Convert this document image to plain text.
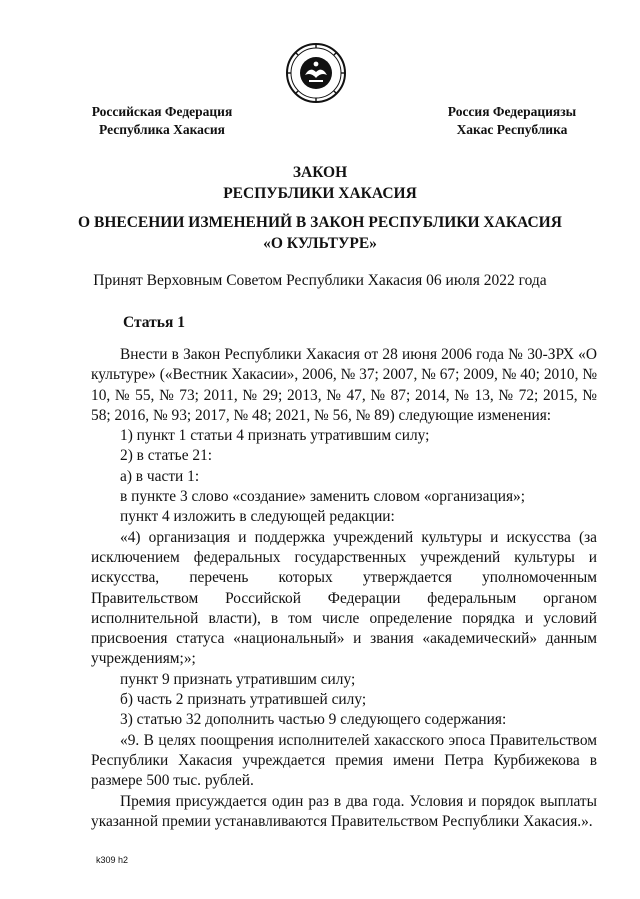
Российская Федерация
Республика Хакасия
Россия Федерациязы
Хакас Республика
ЗАКОН
РЕСПУБЛИКИ ХАКАСИЯ
О ВНЕСЕНИИ ИЗМЕНЕНИЙ В ЗАКОН РЕСПУБЛИКИ ХАКАСИЯ
«О КУЛЬТУРЕ»
Принят Верховным Советом Республики Хакасия 06 июля 2022 года
Статья 1

Внести в Закон Республики Хакасия от 28 июня 2006 года № 30-ЗРХ «О культуре» («Вестник Хакасии», 2006, № 37; 2007, № 67; 2009, № 40; 2010, № 10, № 55, № 73; 2011, № 29; 2013, № 47, № 87; 2014, № 13, № 72; 2015, № 58; 2016, № 93; 2017, № 48; 2021, № 56, № 89) следующие изменения:

1) пункт 1 статьи 4 признать утратившим силу;

2) в статье 21:

а) в части 1:

в пункте 3 слово «создание» заменить словом «организация»;

пункт 4 изложить в следующей редакции:

«4) организация и поддержка учреждений культуры и искусства (за исключением федеральных государственных учреждений культуры и искусства, перечень которых утверждается уполномоченным Правительством Российской Федерации федеральным органом исполнительной власти), в том числе определение порядка и условий присвоения статуса «национальный» и звания «академический» данным учреждениям;»;

пункт 9 признать утратившим силу;

б) часть 2 признать утратившей силу;

3) статью 32 дополнить частью 9 следующего содержания:

«9. В целях поощрения исполнителей хакасского эпоса Правительством Республики Хакасия учреждается премия имени Петра Курбижекова в размере 500 тыс. рублей.

Премия присуждается один раз в два года. Условия и порядок выплаты указанной премии устанавливаются Правительством Республики Хакасия.».

k309 h2
